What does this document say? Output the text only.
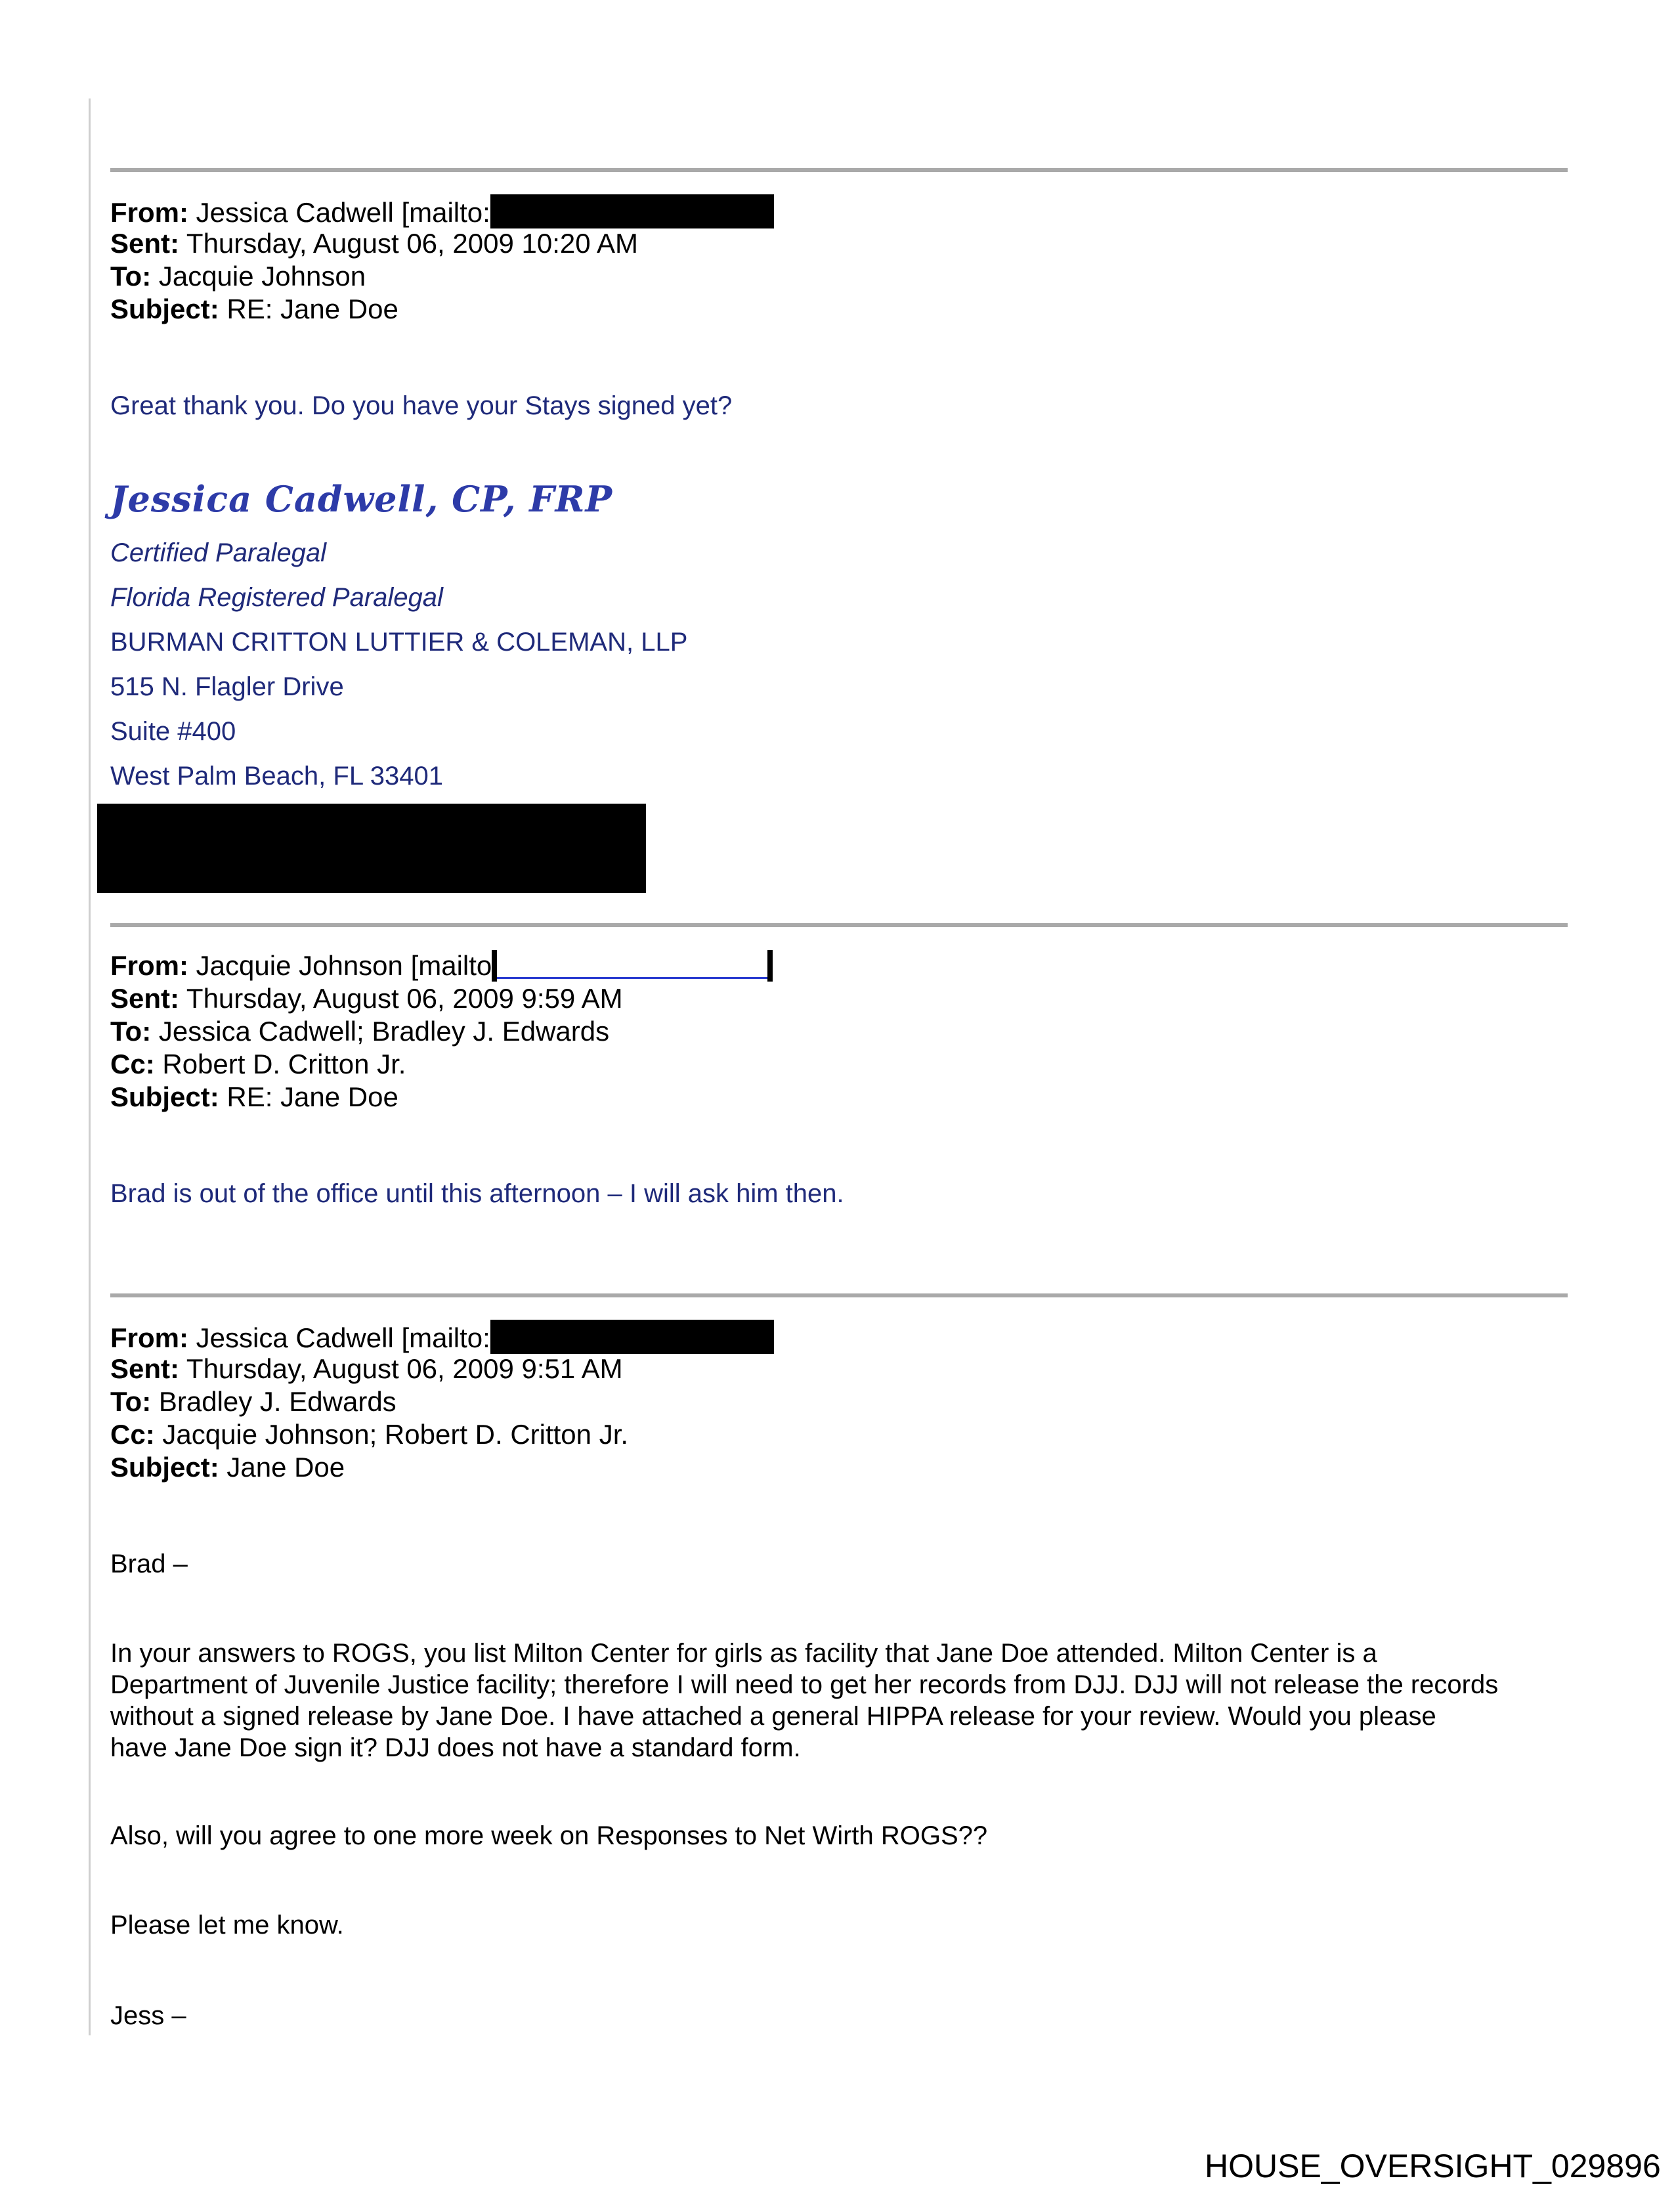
From: Jessica Cadwell [mailto:
Sent: Thursday, August 06, 2009 10:20 AM
To: Jacquie Johnson
Subject: RE: Jane Doe
Great thank you. Do you have your Stays signed yet?
Jessica Cadwell, CP, FRP
Certified Paralegal
Florida Registered Paralegal
BURMAN CRITTON LUTTIER & COLEMAN, LLP
515 N. Flagler Drive
Suite #400
West Palm Beach, FL 33401
From: Jacquie Johnson [mailto
Sent: Thursday, August 06, 2009 9:59 AM
To: Jessica Cadwell; Bradley J. Edwards
Cc: Robert D. Critton Jr.
Subject: RE: Jane Doe
Brad is out of the office until this afternoon – I will ask him then.
From: Jessica Cadwell [mailto:
Sent: Thursday, August 06, 2009 9:51 AM
To: Bradley J. Edwards
Cc: Jacquie Johnson; Robert D. Critton Jr.
Subject: Jane Doe
Brad –
In your answers to ROGS, you list Milton Center for girls as facility that Jane Doe attended. Milton Center is a
Department of Juvenile Justice facility; therefore I will need to get her records from DJJ. DJJ will not release the records
without a signed release by Jane Doe. I have attached a general HIPPA release for your review. Would you please
have Jane Doe sign it? DJJ does not have a standard form.
Also, will you agree to one more week on Responses to Net Wirth ROGS??
Please let me know.
Jess –
HOUSE_OVERSIGHT_029896
